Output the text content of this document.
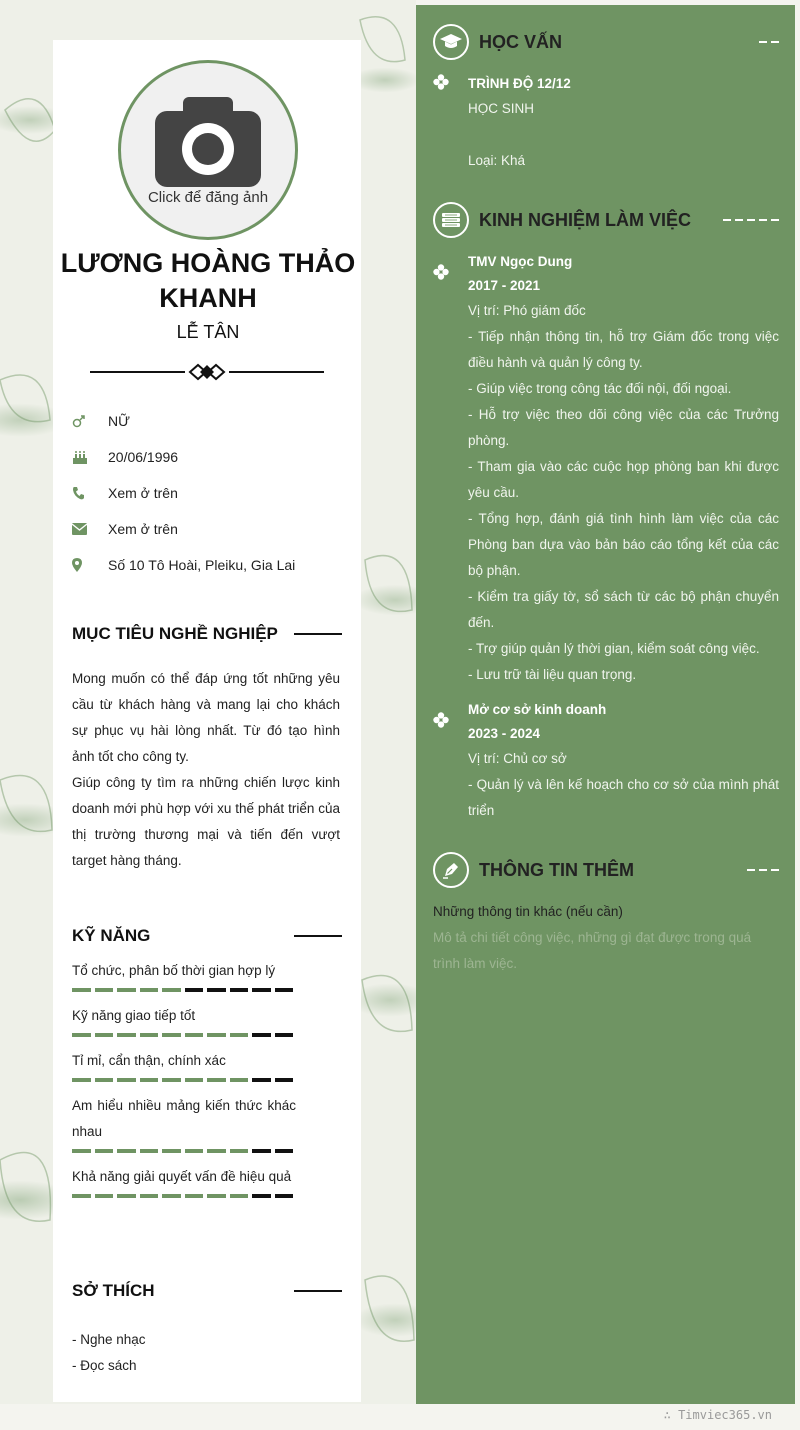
Click để đăng ảnh
LƯƠNG HOÀNG THẢO KHANH
LỄ TÂN
NỮ
20/06/1996
Xem ở trên
Xem ở trên
Số 10 Tô Hoài, Pleiku, Gia Lai
MỤC TIÊU NGHỀ NGHIỆP

Mong muốn có thể đáp ứng tốt những yêu cầu từ khách hàng và mang lại cho khách sự phục vụ hài lòng nhất. Từ đó tạo hình ảnh tốt cho công ty.

Giúp công ty tìm ra những chiến lược kinh doanh mới phù hợp với xu thế phát triển của thị trường thương mại và tiến đến vượt target hàng tháng.

KỸ NĂNG
Tổ chức, phân bố thời gian hợp lý
Kỹ năng giao tiếp tốt
Tỉ mỉ, cẩn thận, chính xác
Am hiểu nhiều mảng kiến thức khác nhau
Khả năng giải quyết vấn đề hiệu quả
SỞ THÍCH
- Nghe nhạc
- Đọc sách
HỌC VẤN
TRÌNH ĐỘ 12/12
HỌC SINH
Loại: Khá
KINH NGHIỆM LÀM VIỆC
TMV Ngọc Dung
2017 - 2021
Vị trí: Phó giám đốc

- Tiếp nhận thông tin, hỗ trợ Giám đốc trong việc điều hành và quản lý công ty.

- Giúp việc trong công tác đối nội, đối ngoại.

- Hỗ trợ việc theo dõi công việc của các Trưởng phòng.

- Tham gia vào các cuộc họp phòng ban khi được yêu cầu.

- Tổng hợp, đánh giá tình hình làm việc của các Phòng ban dựa vào bản báo cáo tổng kết của các bộ phận.

- Kiểm tra giấy tờ, sổ sách từ các bộ phận chuyển đến.

- Trợ giúp quản lý thời gian, kiểm soát công việc.

- Lưu trữ tài liệu quan trọng.

Mở cơ sở kinh doanh
2023 - 2024
Vị trí: Chủ cơ sở

- Quản lý và lên kế hoạch cho cơ sở của mình phát triển

THÔNG TIN THÊM
Những thông tin khác (nếu cần)
Mô tả chi tiết công việc, những gì đạt được trong quá trình làm việc.
∴ Timviec365.vn
